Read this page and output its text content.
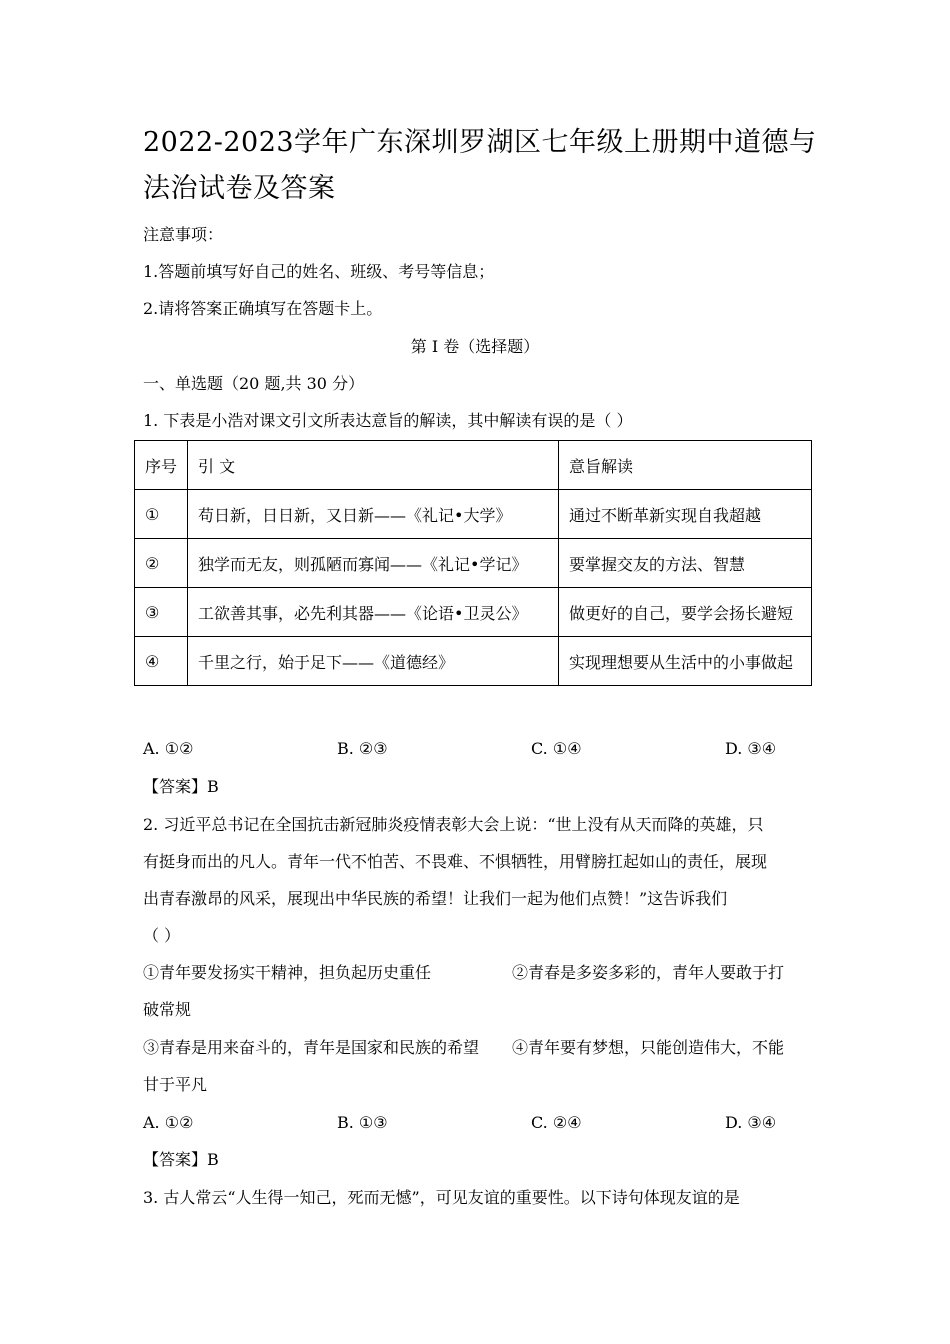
2022-2023学年广东深圳罗湖区七年级上册期中道德与法治试卷及答案
注意事项：
1.答题前填写好自己的姓名、班级、考号等信息；
2.请将答案正确填写在答题卡上。
第 I 卷（选择题）
一、单选题（20 题,共 30 分）
1. 下表是小浩对课文引文所表达意旨的解读，其中解读有误的是（ ）
序号	引 文	意旨解读
①	苟日新，日日新，又日新——《礼记•大学》	通过不断革新实现自我超越
②	独学而无友，则孤陋而寡闻——《礼记•学记》	要掌握交友的方法、智慧
③	工欲善其事，必先利其器——《论语•卫灵公》	做更好的自己，要学会扬长避短
④	千里之行，始于足下——《道德经》	实现理想要从生活中的小事做起
A. ①②	B. ②③	C. ①④	D. ③④
【答案】B
2. 习近平总书记在全国抗击新冠肺炎疫情表彰大会上说：“世上没有从天而降的英雄，只
有挺身而出的凡人。青年一代不怕苦、不畏难、不惧牺牲，用臂膀扛起如山的责任，展现
出青春激昂的风采，展现出中华民族的希望！让我们一起为他们点赞！”这告诉我们
（ ）
①青年要发扬实干精神，担负起历史重任	②青春是多姿多彩的，青年人要敢于打
破常规
③青春是用来奋斗的，青年是国家和民族的希望 ④青年要有梦想，只能创造伟大，不能
甘于平凡
A. ①②	B. ①③	C. ②④	D. ③④
【答案】B
3. 古人常云“人生得一知己，死而无憾”，可见友谊的重要性。以下诗句体现友谊的是
